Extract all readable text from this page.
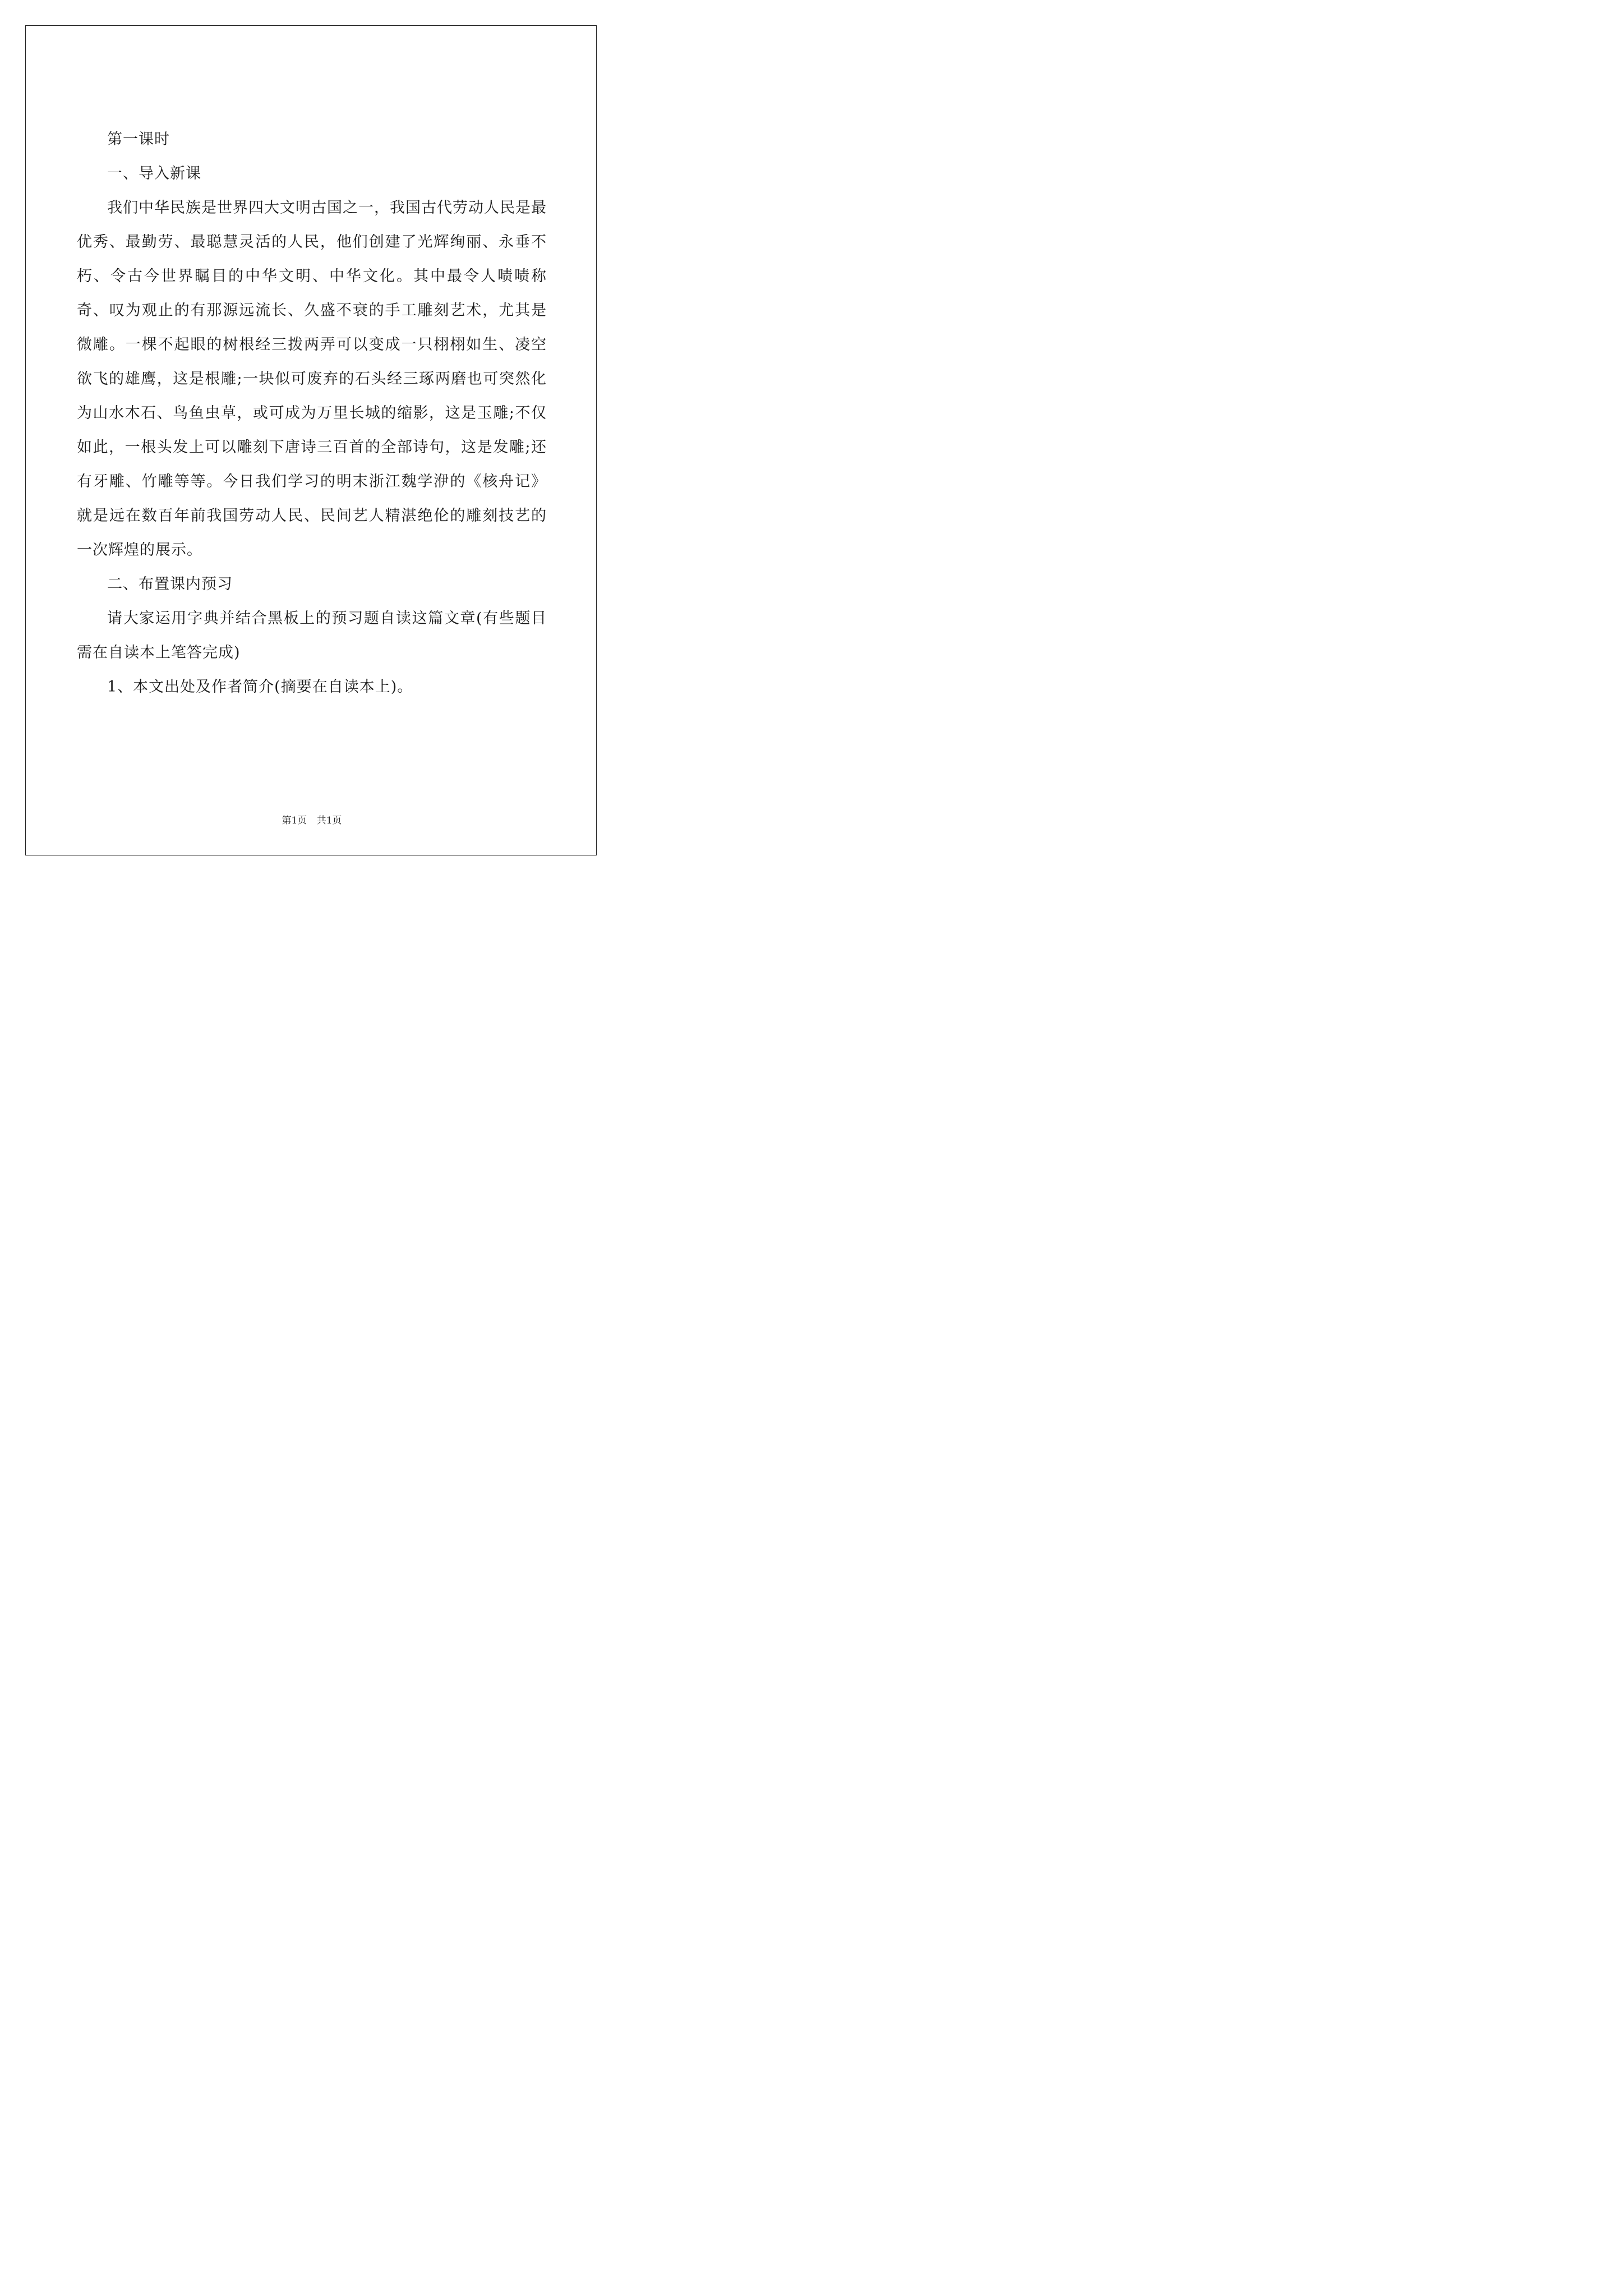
第一课时

一、导入新课

我们中华民族是世界四大文明古国之一，我国古代劳动人民是最优秀、最勤劳、最聪慧灵活的人民，他们创建了光辉绚丽、永垂不朽、令古今世界瞩目的中华文明、中华文化。其中最令人啧啧称奇、叹为观止的有那源远流长、久盛不衰的手工雕刻艺术，尤其是微雕。一棵不起眼的树根经三拨两弄可以变成一只栩栩如生、凌空欲飞的雄鹰，这是根雕;一块似可废弃的石头经三琢两磨也可突然化为山水木石、鸟鱼虫草，或可成为万里长城的缩影，这是玉雕;不仅如此，一根头发上可以雕刻下唐诗三百首的全部诗句，这是发雕;还有牙雕、竹雕等等。今日我们学习的明末浙江魏学洢的《核舟记》就是远在数百年前我国劳动人民、民间艺人精湛绝伦的雕刻技艺的一次辉煌的展示。

二、布置课内预习

请大家运用字典并结合黑板上的预习题自读这篇文章(有些题目需在自读本上笔答完成)

1、本文出处及作者简介(摘要在自读本上)。

第1页 共1页
